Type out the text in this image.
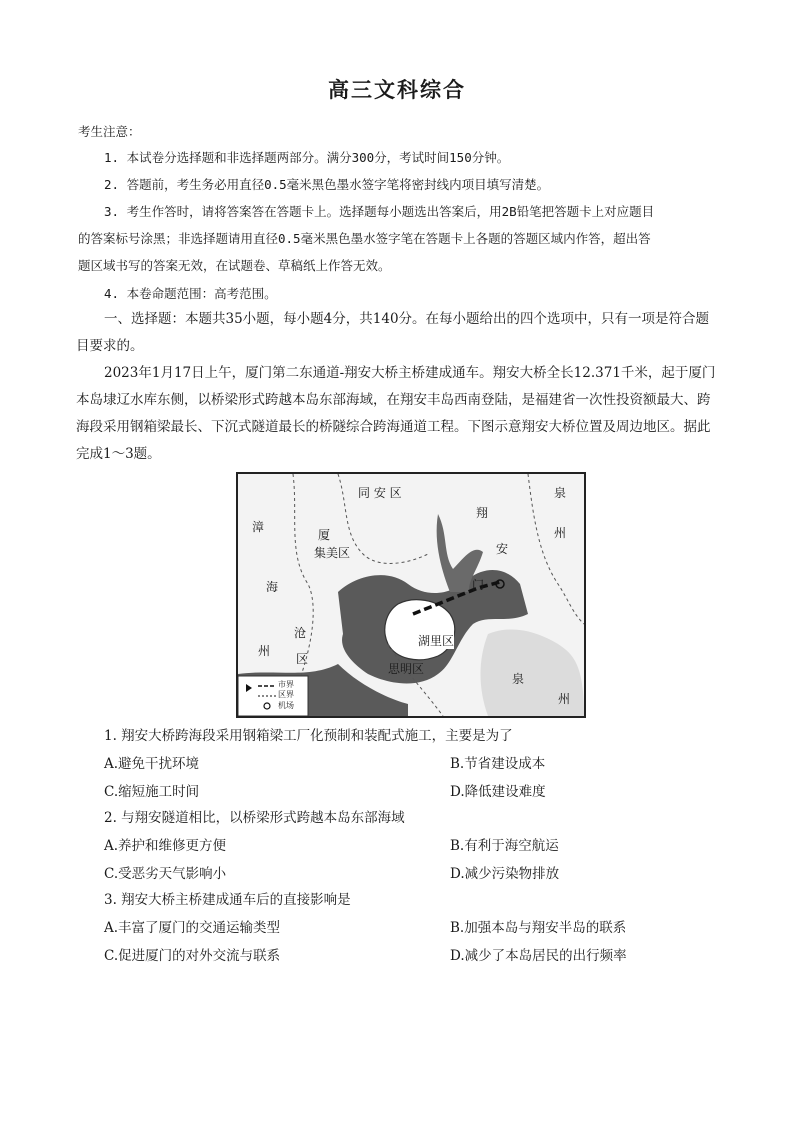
高三文科综合
考生注意：
1. 本试卷分选择题和非选择题两部分。满分300分，考试时间150分钟。
2. 答题前，考生务必用直径0.5毫米黑色墨水签字笔将密封线内项目填写清楚。
3. 考生作答时，请将答案答在答题卡上。选择题每小题选出答案后，用2B铅笔把答题卡上对应题目
的答案标号涂黑；非选择题请用直径0.5毫米黑色墨水签字笔在答题卡上各题的答题区域内作答，超出答
题区域书写的答案无效，在试题卷、草稿纸上作答无效。
4. 本卷命题范围：高考范围。
一、选择题：本题共35小题，每小题4分，共140分。在每小题给出的四个选项中，只有一项是符合题目要求的。
2023年1月17日上午，厦门第二东通道-翔安大桥主桥建成通车。翔安大桥全长12.371千米，起于厦门本岛埭辽水库东侧，以桥梁形式跨越本岛东部海域，在翔安丰岛西南登陆，是福建省一次性投资额最大、跨海段采用钢箱梁最长、下沉式隧道最长的桥隧综合跨海通道工程。下图示意翔安大桥位置及周边地区。据此完成1～3题。
同 安 区
翔
安
泉
州
漳
厦
集美区
门
海
州
沧
区
湖里区
思明区
泉
州
市界
区界
机场
1. 翔安大桥跨海段采用钢箱梁工厂化预制和装配式施工，主要是为了
A.避免干扰环境	B.节省建设成本
C.缩短施工时间	D.降低建设难度
2. 与翔安隧道相比，以桥梁形式跨越本岛东部海域
A.养护和维修更方便	B.有利于海空航运
C.受恶劣天气影响小	D.减少污染物排放
3. 翔安大桥主桥建成通车后的直接影响是
A.丰富了厦门的交通运输类型	B.加强本岛与翔安半岛的联系
C.促进厦门的对外交流与联系	D.减少了本岛居民的出行频率
